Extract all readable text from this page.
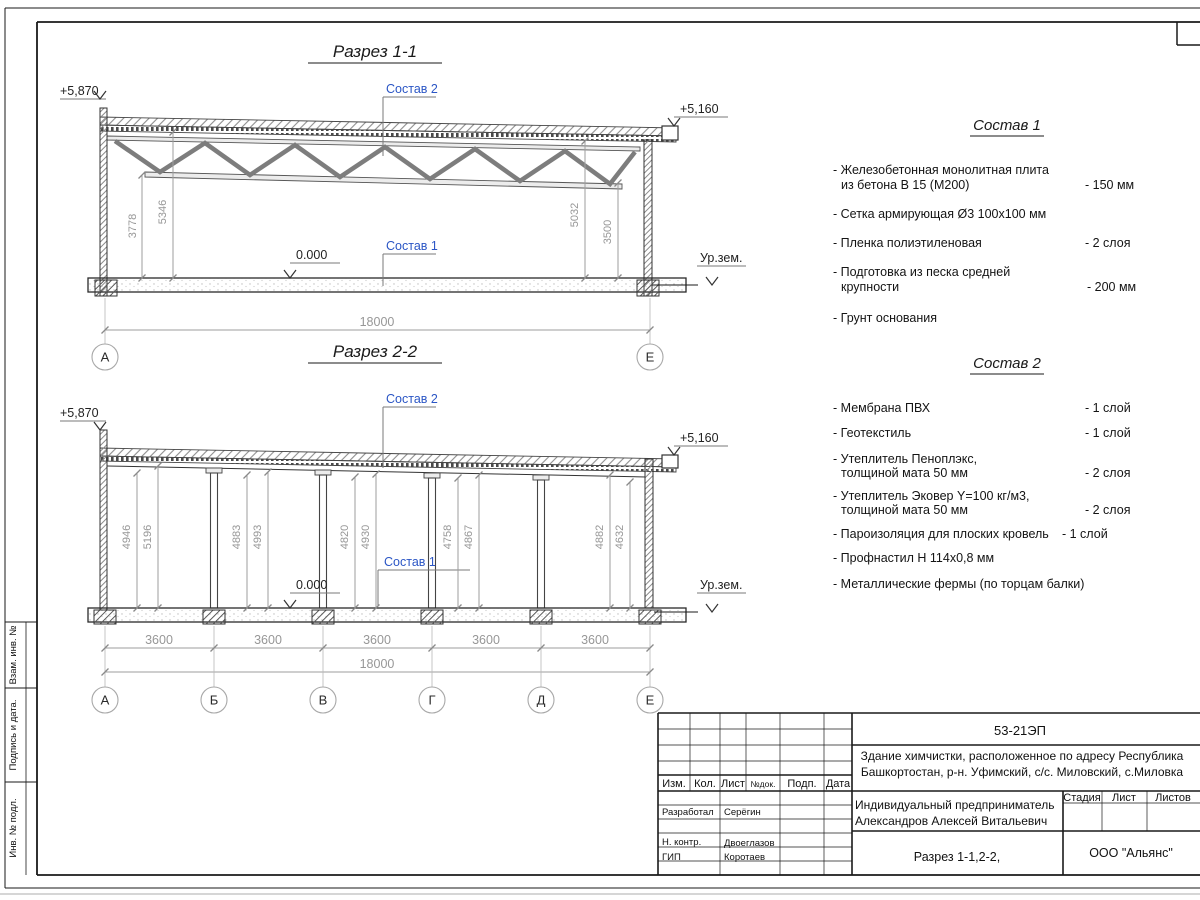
Взам. инв. №
Подпись и дата.
Инв. № подл.
Разрез 1-1
+5,870
+5,160
0.000	Ур.зем.
Состав 2
Состав 1
3778
5346	5032
3500
18000
А	Е
Разрез 2-2
+5,870
+5,160
0.000	Ур.зем.
Состав 2
Состав 1
4946 5196	4883 4993	4820 4930	4758 4867	4882 4632
3600	3600	3600	3600	3600
18000
А	Б	В	Г	Д	Е
Состав 1
- Железобетонная монолитная плита
из бетона В 15 (М200)	- 150 мм
- Сетка армирующая Ø3 100х100 мм
- Пленка полиэтиленовая	- 2 слоя
- Подготовка из песка средней
крупности	- 200 мм
- Грунт основания
Состав 2
- Мембрана ПВХ	- 1 слой
- Геотекстиль	- 1 слой
- Утеплитель Пеноплэкс,
толщиной мата 50 мм	- 2 слоя
- Утеплитель Эковер Y=100 кг/м3,
толщиной мата 50 мм	- 2 слоя
- Пароизоляция для плоских кровель - 1 слой
- Профнастил Н 114х0,8 мм
- Металлические фермы (по торцам балки)
53-21ЭП
Здание химчистки, расположенное по адресу Республика
Башкортостан, р-н. Уфимский, с/с. Миловский, с.Миловка
Изм. Кол. Лист №док. Подп. Дата
Разработал Серёгин
Н. контр. Двоеглазов
ГИП	Коротаев
Индивидуальный предприниматель
Александров Алексей Витальевич
Стадия Лист Листов
Разрез 1-1,2-2,	ООО "Альянс"
